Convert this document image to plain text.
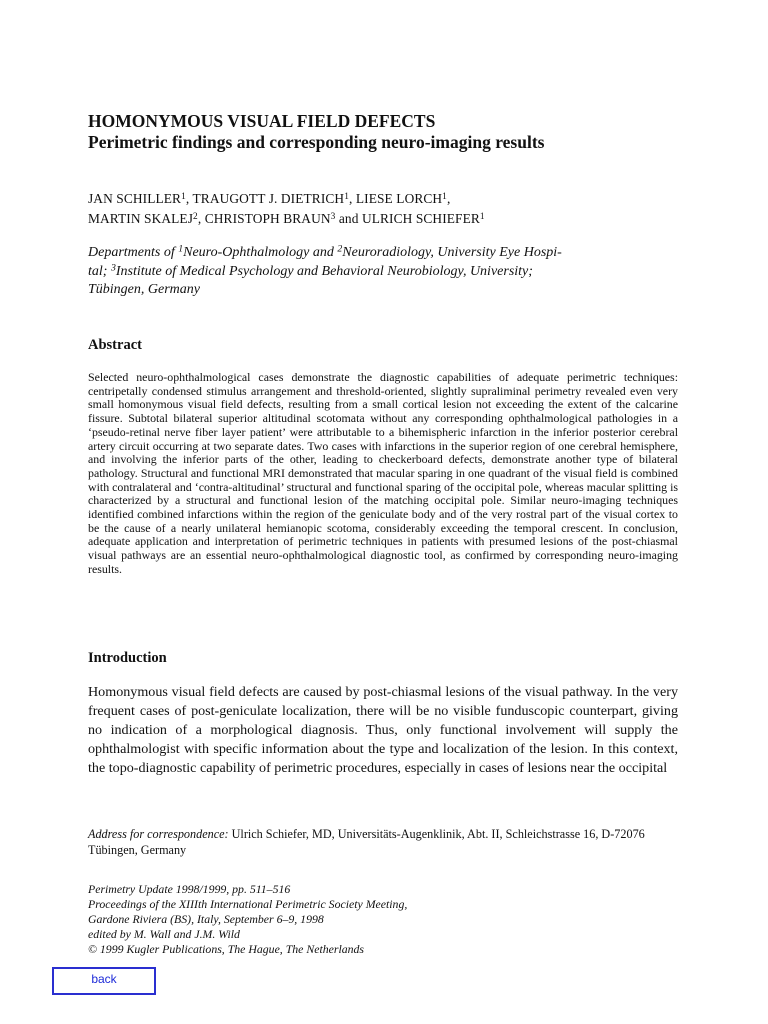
HOMONYMOUS VISUAL FIELD DEFECTS
Perimetric findings and corresponding neuro-imaging results
JAN SCHILLER$^1$, TRAUGOTT J. DIETRICH$^1$, LIESE LORCH$^1$,
MARTIN SKALEJ$^2$, CHRISTOPH BRAUN$^3$ and ULRICH SCHIEFER$^1$
Departments of $^1$Neuro-Ophthalmology and $^2$Neuroradiology, University Eye Hospi-
tal; $^3$Institute of Medical Psychology and Behavioral Neurobiology, University;
Tübingen, Germany
Abstract
Selected neuro-ophthalmological cases demonstrate the diagnostic capabilities of adequate perimetric techniques: centripetally condensed stimulus arrangement and threshold-oriented, slightly supraliminal perimetry revealed even very small homonymous visual field defects, resulting from a small cortical lesion not exceeding the extent of the calcarine fissure. Subtotal bilateral superior altitudinal scotomata without any corresponding ophthalmological pathologies in a ‘pseudo-retinal nerve fiber layer patient’ were attributable to a bihemispheric infarction in the inferior posterior cerebral artery circuit occurring at two separate dates. Two cases with infarctions in the superior region of one cerebral hemisphere, and involving the inferior parts of the other, leading to checkerboard defects, demonstrate another type of bilateral pathology. Structural and functional MRI demonstrated that macular sparing in one quadrant of the visual field is combined with contralateral and ‘contra-altitudinal’ structural and functional sparing of the occipital pole, whereas macular splitting is characterized by a structural and functional lesion of the matching occipital pole. Similar neuro-imaging techniques identified combined infarctions within the region of the geniculate body and of the very rostral part of the visual cortex to be the cause of a nearly unilateral hemianopic scotoma, considerably exceeding the temporal crescent. In conclusion, adequate application and interpretation of perimetric techniques in patients with presumed lesions of the post-chiasmal visual pathways are an essential neuro-ophthalmological diagnostic tool, as confirmed by corresponding neuro-imaging results.
Introduction
Homonymous visual field defects are caused by post-chiasmal lesions of the visual pathway. In the very frequent cases of post-geniculate localization, there will be no visible funduscopic counterpart, giving no indication of a morphological diagnosis. Thus, only functional involvement will supply the ophthalmologist with specific information about the type and localization of the lesion. In this context, the topo-diagnostic capability of perimetric procedures, especially in cases of lesions near the occipital
Address for correspondence: Ulrich Schiefer, MD, Universitäts-Augenklinik, Abt. II, Schleichstrasse 16, D-72076 Tübingen, Germany
Perimetry Update 1998/1999, pp. 511–516
Proceedings of the XIIIth International Perimetric Society Meeting,
Gardone Riviera (BS), Italy, September 6–9, 1998
edited by M. Wall and J.M. Wild
© 1999 Kugler Publications, The Hague, The Netherlands
back
